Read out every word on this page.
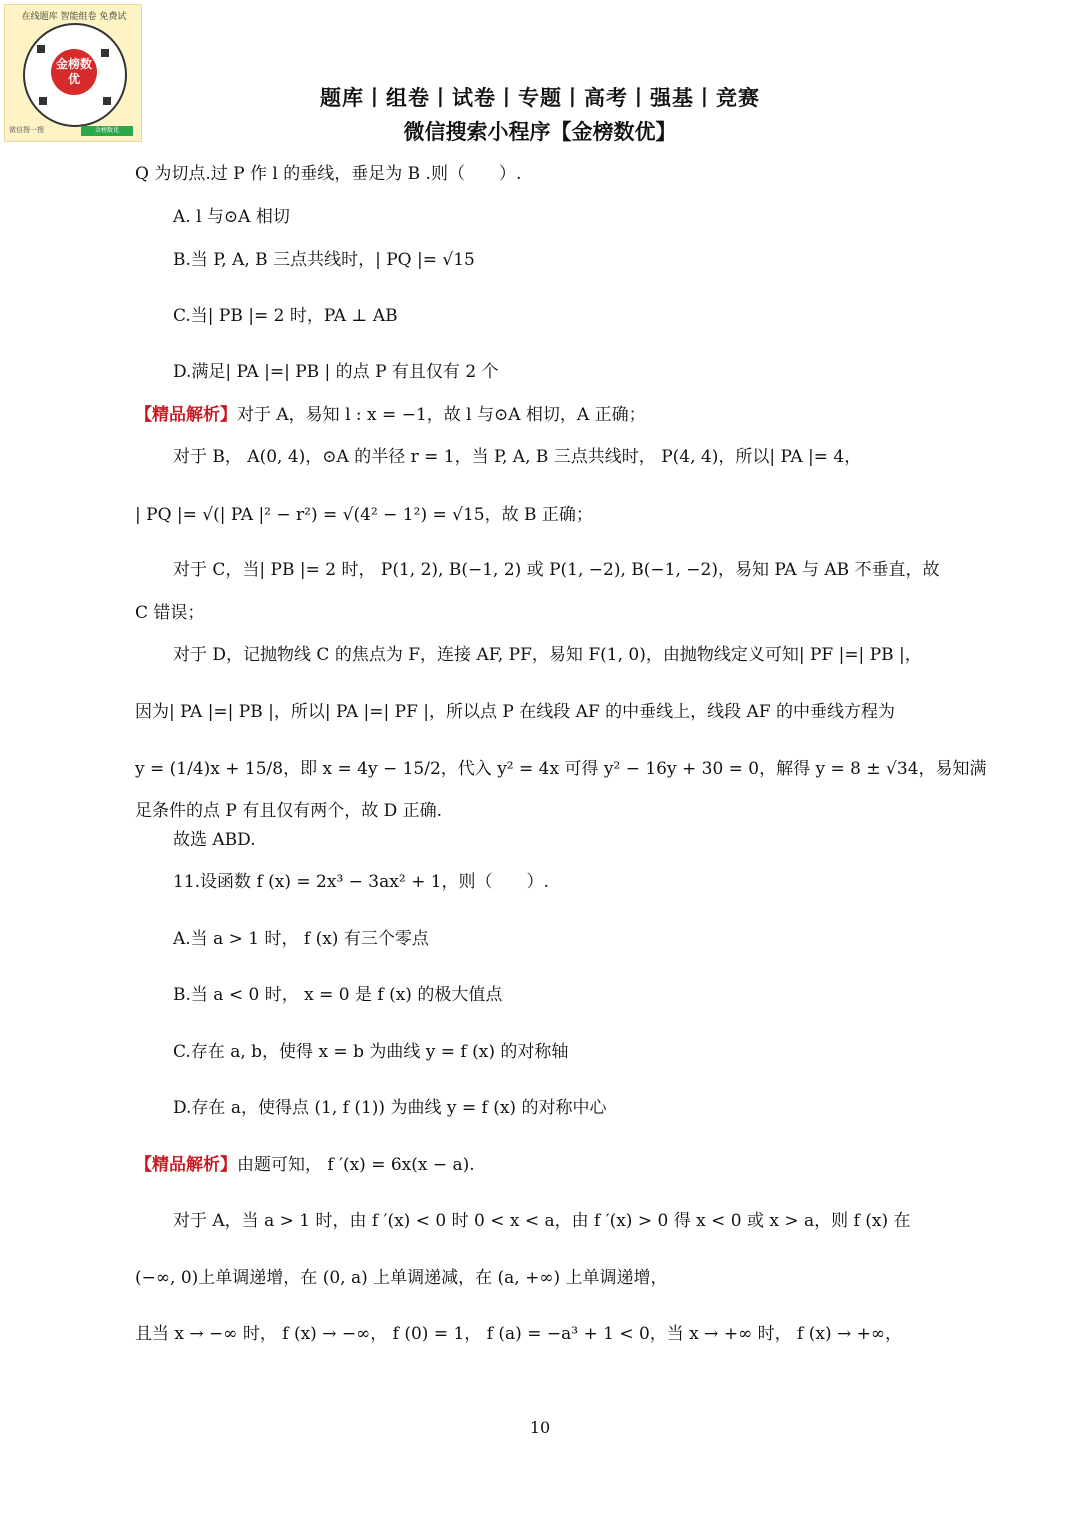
在线题库 智能组卷 免费试
金榜数优
微信搜一搜	金榜数优
题库丨组卷丨试卷丨专题丨高考丨强基丨竞赛
微信搜索小程序【金榜数优】
Q 为切点.过 P 作 l 的垂线，垂足为 B .则（　　）.
A. l 与⊙A 相切
B.当 P, A, B 三点共线时，| PQ |= √15
C.当| PB |= 2 时，PA ⊥ AB
D.满足| PA |=| PB | 的点 P 有且仅有 2 个
【精品解析】对于 A，易知 l : x = −1，故 l 与⊙A 相切，A 正确；
对于 B， A(0, 4)，⊙A 的半径 r = 1，当 P, A, B 三点共线时， P(4, 4)，所以| PA |= 4，
| PQ |= √(| PA |² − r²) = √(4² − 1²) = √15，故 B 正确；
对于 C，当| PB |= 2 时， P(1, 2), B(−1, 2) 或 P(1, −2), B(−1, −2)，易知 PA 与 AB 不垂直，故
C 错误；
对于 D，记抛物线 C 的焦点为 F，连接 AF, PF，易知 F(1, 0)，由抛物线定义可知| PF |=| PB |，
因为| PA |=| PB |，所以| PA |=| PF |，所以点 P 在线段 AF 的中垂线上，线段 AF 的中垂线方程为
y = (1/4)x + 15/8，即 x = 4y − 15/2，代入 y² = 4x 可得 y² − 16y + 30 = 0，解得 y = 8 ± √34，易知满
足条件的点 P 有且仅有两个，故 D 正确.
故选 ABD.
11.设函数 f (x) = 2x³ − 3ax² + 1，则（　　）.
A.当 a > 1 时， f (x) 有三个零点
B.当 a < 0 时， x = 0 是 f (x) 的极大值点
C.存在 a, b，使得 x = b 为曲线 y = f (x) 的对称轴
D.存在 a，使得点 (1, f (1)) 为曲线 y = f (x) 的对称中心
【精品解析】由题可知， f ′(x) = 6x(x − a).
对于 A，当 a > 1 时，由 f ′(x) < 0 时 0 < x < a，由 f ′(x) > 0 得 x < 0 或 x > a，则 f (x) 在
(−∞, 0)上单调递增，在 (0, a) 上单调递减，在 (a, +∞) 上单调递增，
且当 x → −∞ 时， f (x) → −∞， f (0) = 1， f (a) = −a³ + 1 < 0，当 x → +∞ 时， f (x) → +∞，
10
